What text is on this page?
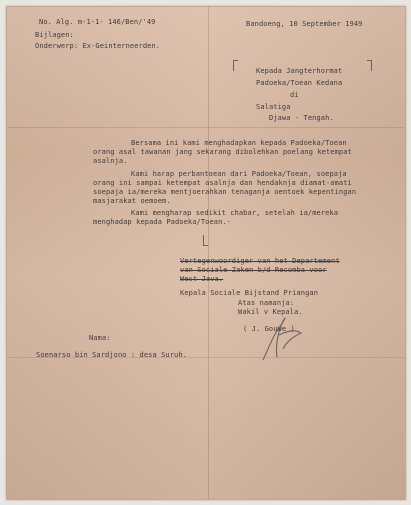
No. Alg. m-1-1- 146/Ben/'49
Bijlagen:
Onderwerp: Ex-Geinterneerden.
Bandoeng, 10 September 1949
Kepada Jangterhormat
Padoeka/Toean Kedana
di
Salatiga
Djawa - Tengah.
Bersama ini kami menghadapkan kepada Padoeka/Toean
orang asal tawanan jang sekarang dibolehkan poelang ketempat
asalnja.
Kami harap perbantoean dari Padoeka/Toean, soepaja
orang ini sampai ketempat asalnja dan hendaknja diamat-amati
soepaja ia/mereka mentjoerahkan tenaganja oentoek kepentingan
masjarakat oemoem.
Kami mengharap sedikit chabar, setelah ia/mereka
menghadap kepada Padoeka/Toean.-
Vertegenwoordiger van het Departement
van Sociale Zaken b/d Recomba voor
West Java.
Kepala Sociale Bijstand Priangan
Atas namanja:
Wakil v Kepala.
( J. Gouwe )
Nama:
Soenarso bin Sardjono : desa Suruh.
